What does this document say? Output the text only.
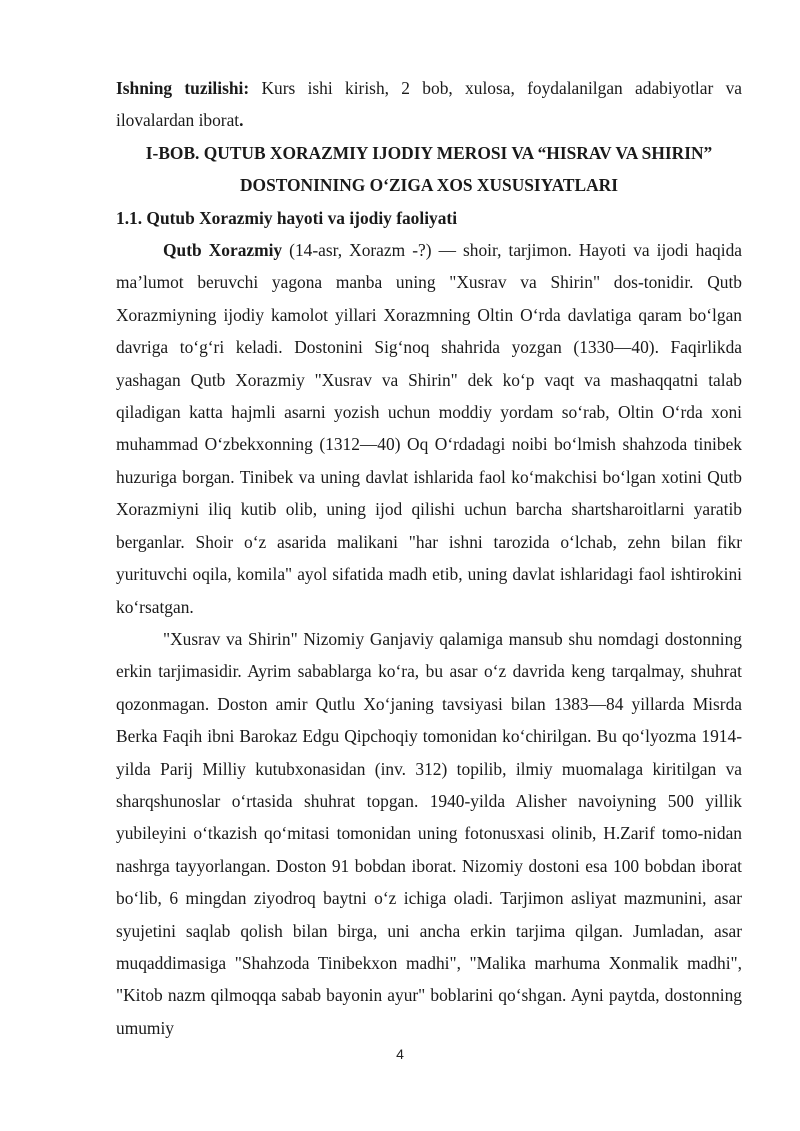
Ishning tuzilishi: Kurs ishi kirish, 2 bob, xulosa, foydalanilgan adabiyotlar va ilovalardan iborat.

I-BOB. QUTUB XORAZMIY IJODIY MEROSI VA “HISRAV VA SHIRIN”

DOSTONINING O‘ZIGA XOS XUSUSIYATLARI

1.1. Qutub Xorazmiy hayoti va ijodiy faoliyati

Qutb Xorazmiy (14-asr, Xorazm -?) — shoir, tarjimon. Hayoti va ijodi haqida ma’lumot beruvchi yagona manba uning "Xusrav va Shirin" dos-tonidir. Qutb Xorazmiyning ijodiy kamolot yillari Xorazmning Oltin O‘rda davlatiga qaram bo‘lgan davriga to‘g‘ri keladi. Dostonini Sig‘noq shahrida yozgan (1330—40). Faqirlikda yashagan Qutb Xorazmiy "Xusrav va Shirin" dek ko‘p vaqt va mashaqqatni talab qiladigan katta hajmli asarni yozish uchun moddiy yordam so‘rab, Oltin O‘rda xoni muhammad O‘zbekxonning (1312—40) Oq O‘rdadagi noibi bo‘lmish shahzoda tinibek huzuriga borgan. Tinibek va uning davlat ishlarida faol ko‘makchisi bo‘lgan xotini Qutb Xorazmiyni iliq kutib olib, uning ijod qilishi uchun barcha shartsharoitlarni yaratib berganlar. Shoir o‘z asarida malikani "har ishni tarozida o‘lchab, zehn bilan fikr yurituvchi oqila, komila" ayol sifatida madh etib, uning davlat ishlaridagi faol ishtirokini ko‘rsatgan.

"Xusrav va Shirin" Nizomiy Ganjaviy qalamiga mansub shu nomdagi dostonning erkin tarjimasidir. Ayrim sabablarga ko‘ra, bu asar o‘z davrida keng tarqalmay, shuhrat qozonmagan. Doston amir Qutlu Xo‘janing tavsiyasi bilan 1383—84 yillarda Misrda Berka Faqih ibni Barokaz Edgu Qipchoqiy tomonidan ko‘chirilgan. Bu qo‘lyozma 1914-yilda Parij Milliy kutubxonasidan (inv. 312) topilib, ilmiy muomalaga kiritilgan va sharqshunoslar o‘rtasida shuhrat topgan. 1940-yilda Alisher navoiyning 500 yillik yubileyini o‘tkazish qo‘mitasi tomonidan uning fotonusxasi olinib, H.Zarif tomo-nidan nashrga tayyorlangan. Doston 91 bobdan iborat. Nizomiy dostoni esa 100 bobdan iborat bo‘lib, 6 mingdan ziyodroq baytni o‘z ichiga oladi. Tarjimon asliyat mazmunini, asar syujetini saqlab qolish bilan birga, uni ancha erkin tarjima qilgan. Jumladan, asar muqaddimasiga "Shahzoda Tinibekxon madhi", "Malika marhuma Xonmalik madhi", "Kitob nazm qilmoqqa sabab bayonin ayur" boblarini qo‘shgan. Ayni paytda, dostonning umumiy

4
